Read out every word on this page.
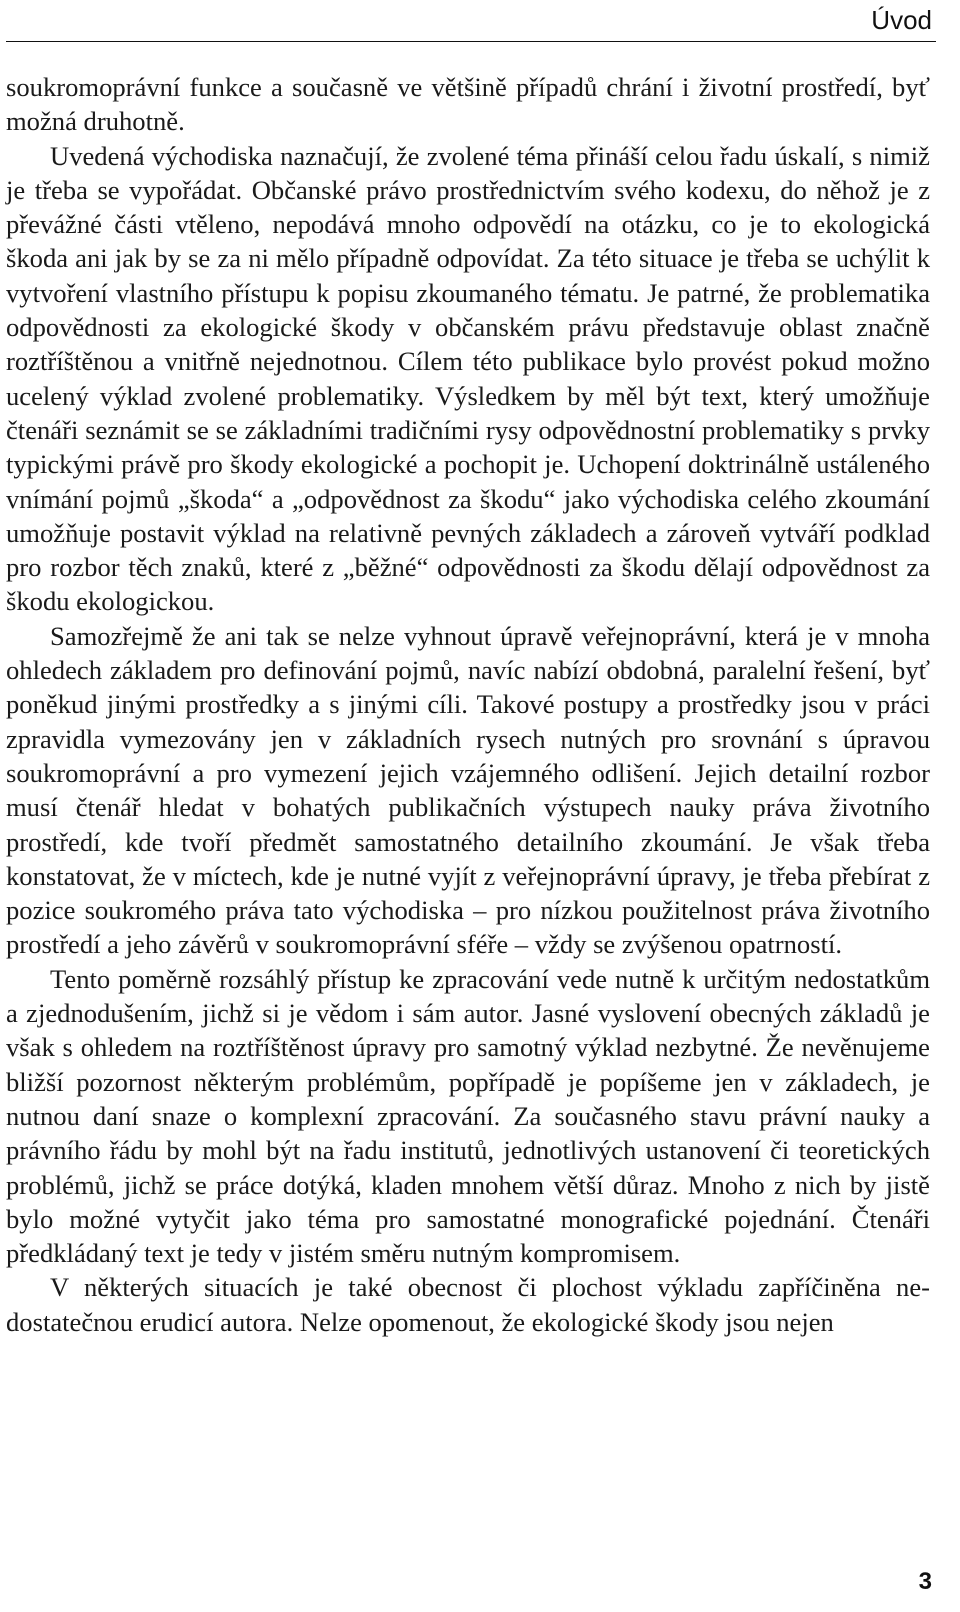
Úvod

soukromoprávní funkce a současně ve většině případů chrání i životní prostředí, byť možná druhotně.

Uvedená východiska naznačují, že zvolené téma přináší celou řadu úskalí, s nimiž je třeba se vypořádat. Občanské právo prostřednictvím svého kodexu, do něhož je z převážné části vtěleno, nepodává mnoho odpovědí na otázku, co je to ekologická škoda ani jak by se za ni mělo případně odpovídat. Za této situace je třeba se uchýlit k vytvoření vlastního přístupu k popisu zkoumaného tématu. Je patrné, že problematika odpovědnosti za ekologické škody v občanském právu představuje oblast značně roztříštěnou a vnitřně nejednotnou. Cílem této publikace bylo provést pokud možno ucelený výklad zvolené problematiky. Výsledkem by měl být text, který umožňuje čtenáři seznámit se se základními tradičními rysy odpovědnostní problematiky s prvky typickými právě pro škody ekologické a pochopit je. Uchopení doktrinálně ustáleného vnímání pojmů „škoda“ a „odpovědnost za škodu“ jako východiska celého zkoumání umožňuje postavit výklad na relativně pevných základech a zároveň vytváří podklad pro rozbor těch znaků, které z „běžné“ odpovědnosti za škodu dělají odpovědnost za škodu ekologickou.

Samozřejmě že ani tak se nelze vyhnout úpravě veřejnoprávní, která je v mnoha ohledech základem pro definování pojmů, navíc nabízí obdobná, paralelní řešení, byť poněkud jinými prostředky a s jinými cíli. Takové postupy a prostředky jsou v práci zpravidla vymezovány jen v základních rysech nutných pro srovnání s úpravou soukromoprávní a pro vymezení jejich vzájemného odlišení. Jejich detailní rozbor musí čtenář hledat v bohatých publikačních výstupech nauky práva životního prostředí, kde tvoří předmět samostatného detailního zkoumání. Je však třeba konstatovat, že v míctech, kde je nutné vyjít z veřejnoprávní úpravy, je třeba přebírat z pozice soukromého práva tato východiska – pro nízkou použitelnost práva životního prostředí a jeho závěrů v soukromoprávní sféře – vždy se zvýšenou opatrností.

Tento poměrně rozsáhlý přístup ke zpracování vede nutně k určitým nedostatkům a zjednodušením, jichž si je vědom i sám autor. Jasné vyslovení obecných základů je však s ohledem na roztříštěnost úpravy pro samotný výklad nezbytné. Že nevěnujeme bližší pozornost některým problémům, popřípadě je popíšeme jen v základech, je nutnou daní snaze o komplexní zpracování. Za současného stavu právní nauky a právního řádu by mohl být na řadu institutů, jednotlivých ustanovení či teoretických problémů, jichž se práce dotýká, kladen mnohem větší důraz. Mnoho z nich by jistě bylo možné vytyčit jako téma pro samostatné monografické pojednání. Čtenáři předkládaný text je tedy v jistém směru nutným kompromisem.

V některých situacích je také obecnost či plochost výkladu zapříčiněna nedostatečnou erudicí autora. Nelze opomenout, že ekologické škody jsou nejen

3
